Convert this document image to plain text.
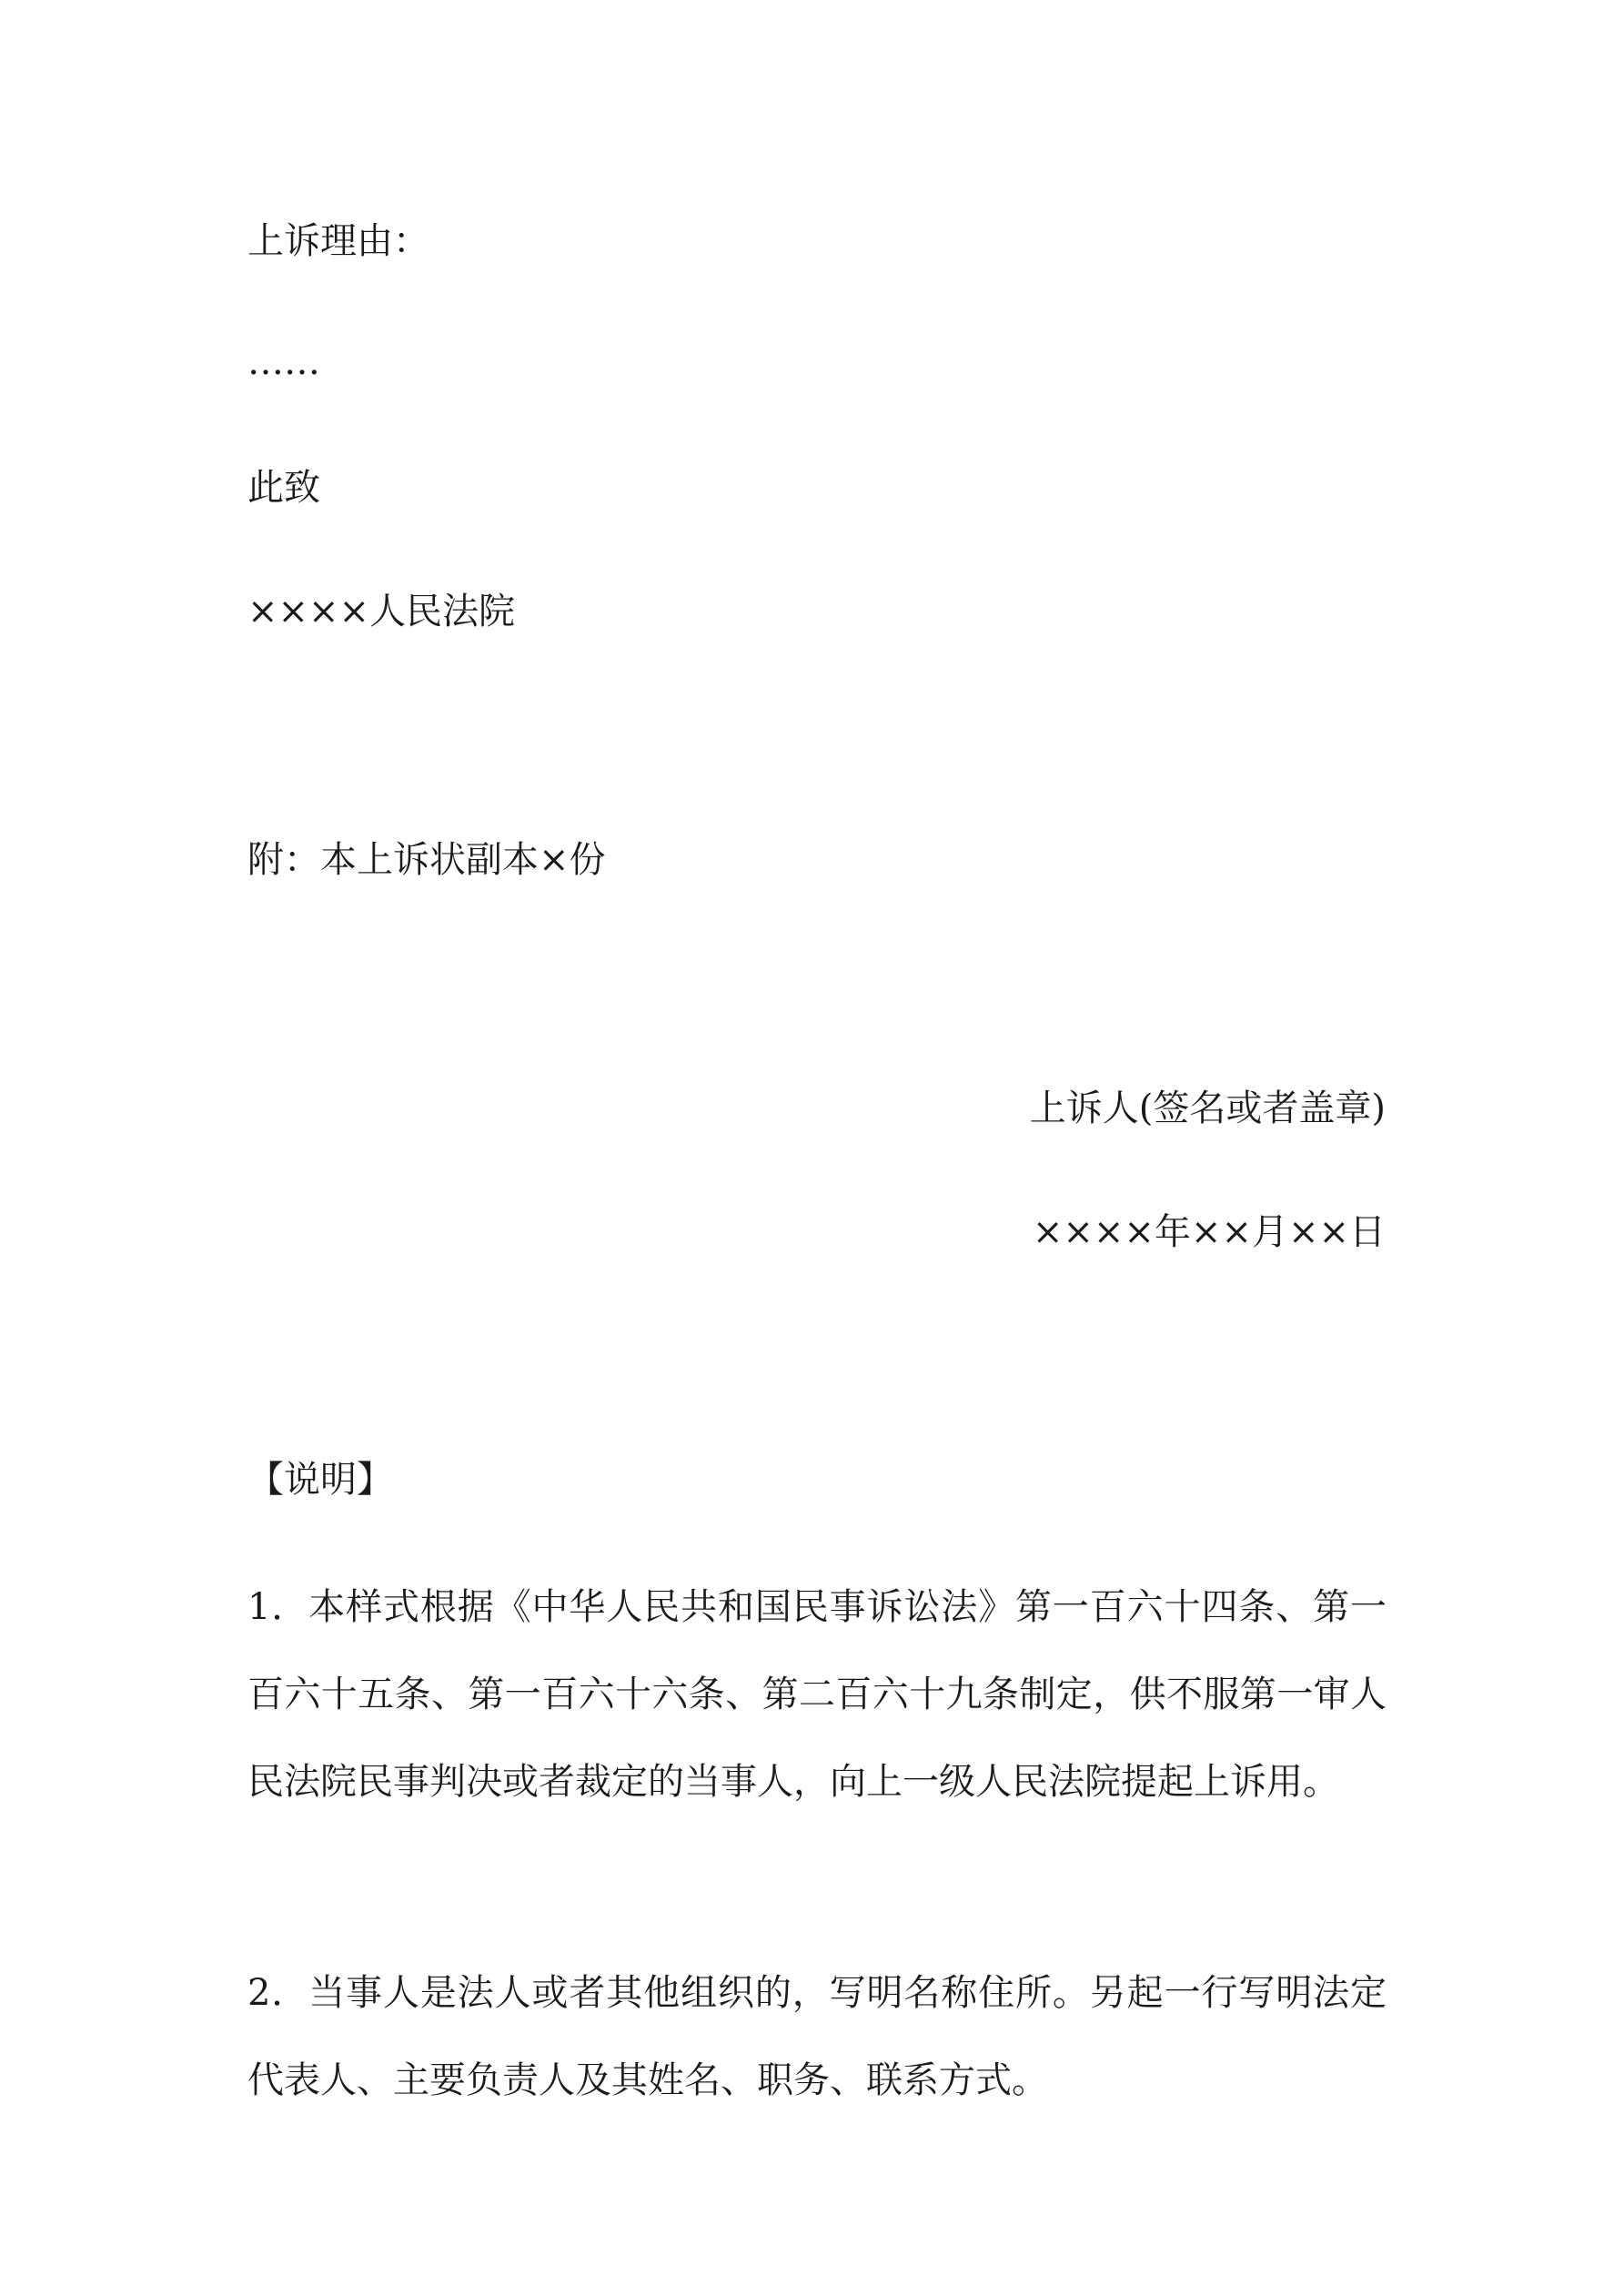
上诉理由：
……
此致
××××人民法院
附：本上诉状副本×份
上诉人(签名或者盖章)
××××年××月××日
【说明】
1．本样式根据《中华人民共和国民事诉讼法》第一百六十四条、第一百六十五条、第一百六十六条、第二百六十九条制定，供不服第一审人民法院民事判决或者裁定的当事人，向上一级人民法院提起上诉用。
2．当事人是法人或者其他组织的，写明名称住所。另起一行写明法定代表人、主要负责人及其姓名、职务、联系方式。
